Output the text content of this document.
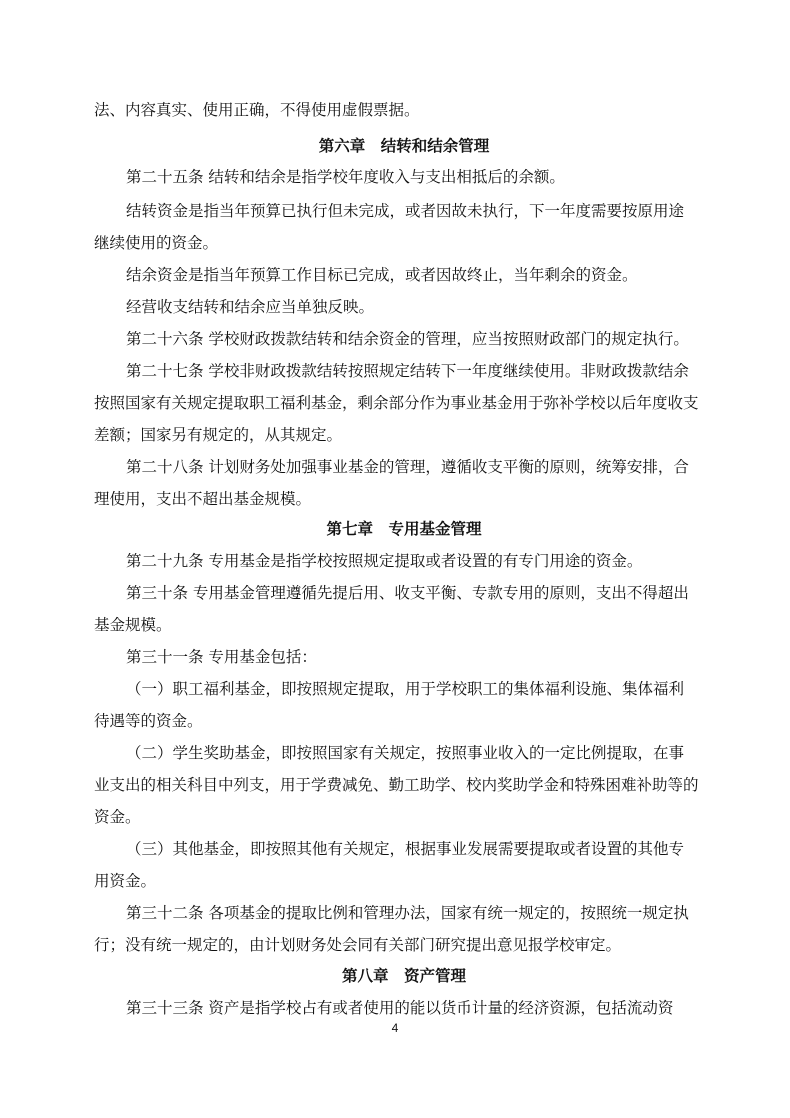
法、内容真实、使用正确，不得使用虚假票据。
第六章　结转和结余管理
第二十五条 结转和结余是指学校年度收入与支出相抵后的余额。
结转资金是指当年预算已执行但未完成，或者因故未执行，下一年度需要按原用途
继续使用的资金。
结余资金是指当年预算工作目标已完成，或者因故终止，当年剩余的资金。
经营收支结转和结余应当单独反映。
第二十六条 学校财政拨款结转和结余资金的管理，应当按照财政部门的规定执行。
第二十七条 学校非财政拨款结转按照规定结转下一年度继续使用。非财政拨款结余
按照国家有关规定提取职工福利基金，剩余部分作为事业基金用于弥补学校以后年度收支
差额；国家另有规定的，从其规定。
第二十八条 计划财务处加强事业基金的管理，遵循收支平衡的原则，统筹安排，合
理使用，支出不超出基金规模。
第七章　专用基金管理
第二十九条 专用基金是指学校按照规定提取或者设置的有专门用途的资金。
第三十条 专用基金管理遵循先提后用、收支平衡、专款专用的原则，支出不得超出
基金规模。
第三十一条 专用基金包括：
（一）职工福利基金，即按照规定提取，用于学校职工的集体福利设施、集体福利
待遇等的资金。
（二）学生奖助基金，即按照国家有关规定，按照事业收入的一定比例提取，在事
业支出的相关科目中列支，用于学费减免、勤工助学、校内奖助学金和特殊困难补助等的
资金。
（三）其他基金，即按照其他有关规定，根据事业发展需要提取或者设置的其他专
用资金。
第三十二条 各项基金的提取比例和管理办法，国家有统一规定的，按照统一规定执
行；没有统一规定的，由计划财务处会同有关部门研究提出意见报学校审定。
第八章　资产管理
第三十三条 资产是指学校占有或者使用的能以货币计量的经济资源，包括流动资
4
